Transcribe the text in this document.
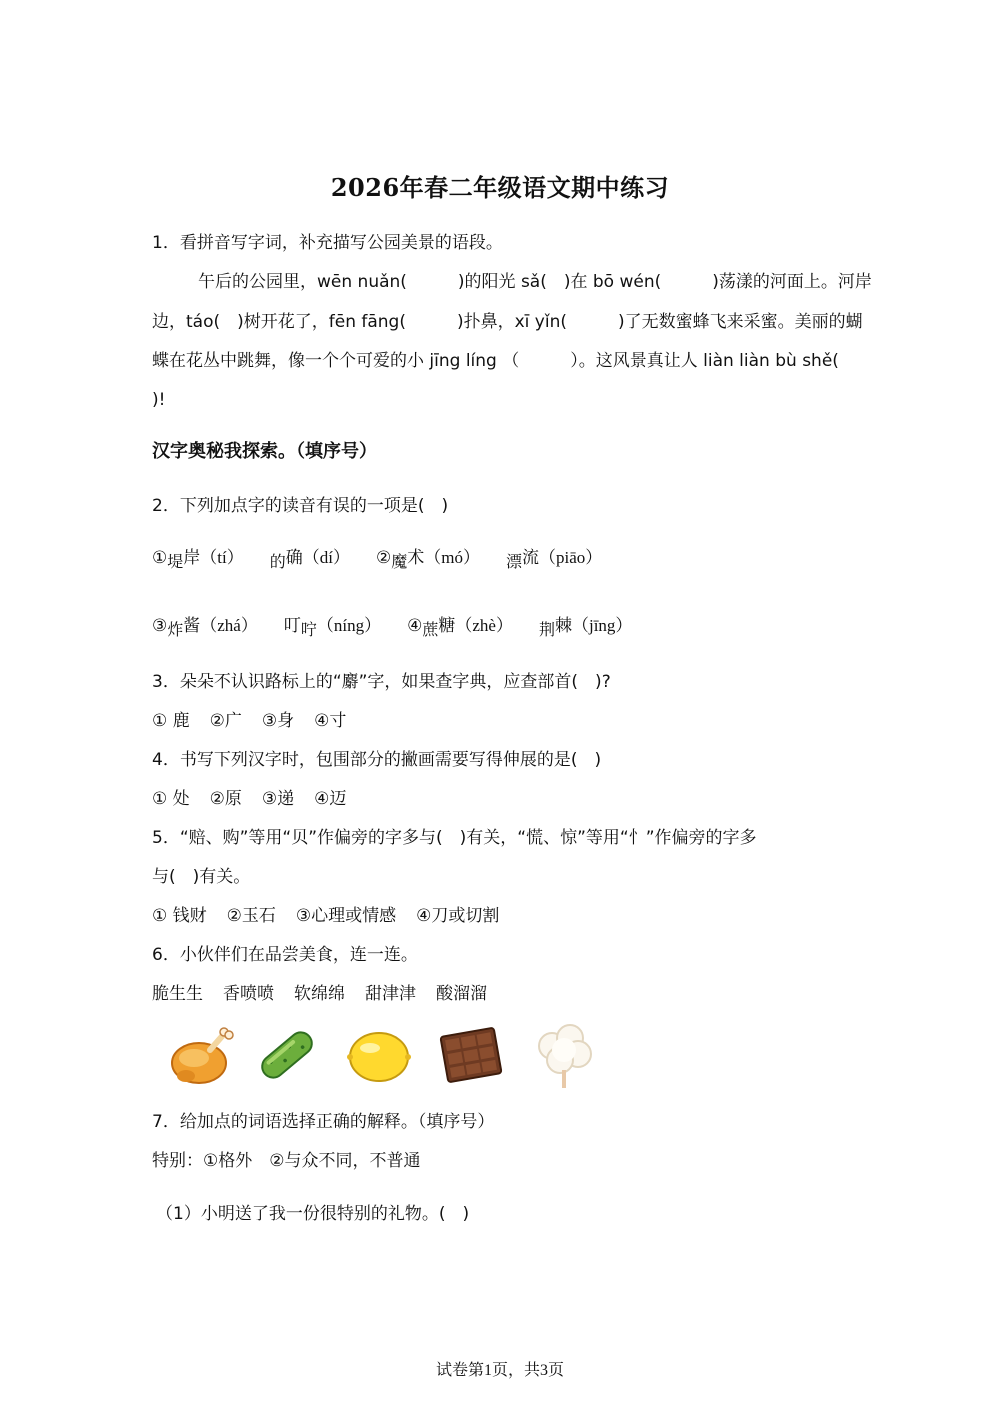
2026年春二年级语文期中练习
1．看拼音写字词，补充描写公园美景的语段。
午后的公园里，wēn nuǎn(　　　)的阳光 sǎ(　)在 bō wén(　　　)荡漾的河面上。河岸
边，táo(　)树开花了，fēn fāng(　　　)扑鼻，xī yǐn(　　　)了无数蜜蜂飞来采蜜。美丽的蝴
蝶在花丛中跳舞，像一个个可爱的小 jīng líng （　　　）。这风景真让人 liàn liàn bù shě(
)!
汉字奥秘我探索。（填序号）
2．下列加点字的读音有误的一项是(　)
① 堤 岸 （tí） 的 确 （dí） ② 魔 术 （mó） 漂 流 （piāo）
③ 炸 酱 （zhá） 叮 咛 （níng） ④ 蔗 糖 （zhè） 荆 棘 （jīng）
3．朵朵不认识路标上的“麝”字，如果查字典，应查部首(　)?
① 鹿 ②广 ③身 ④寸
4．书写下列汉字时，包围部分的撇画需要写得伸展的是(　)
① 处 ②原 ③递 ④迈
5．“赔、购”等用“贝”作偏旁的字多与(　)有关，“慌、惊”等用“忄”作偏旁的字多
与(　)有关。
① 钱财 ②玉石 ③心理或情感 ④刀或切割
6．小伙伴们在品尝美食，连一连。
脆生生 香喷喷 软绵绵 甜津津 酸溜溜
7．给加点的词语选择正确的解释。（填序号）
特别：①格外　②与众不同，不普通
（1）小明送了我一份很特别的礼物。(　)
试卷第1页，共3页
